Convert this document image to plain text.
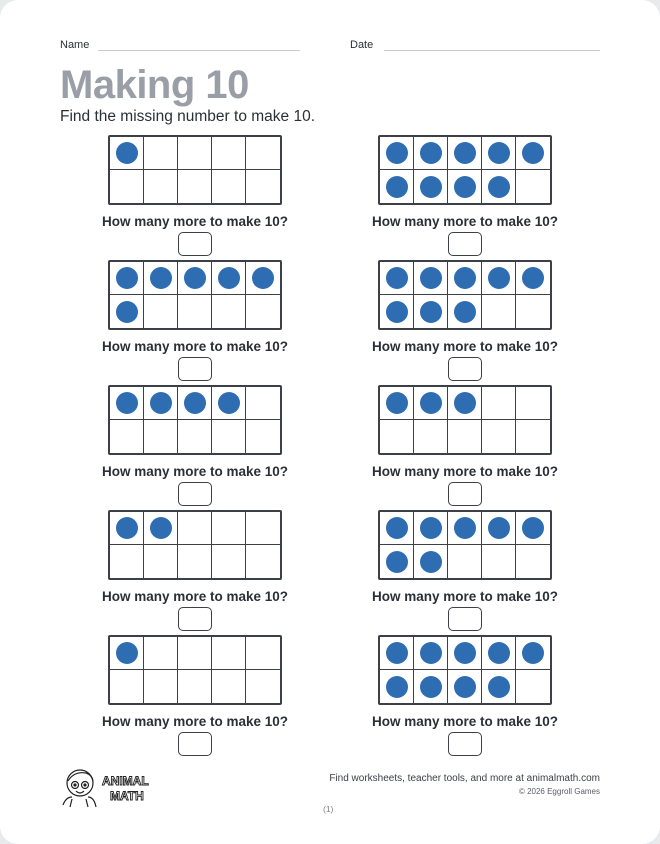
Name	Date
Making 10
Find the missing number to make 10.
How many more to make 10?	How many more to make 10?
How many more to make 10?	How many more to make 10?
How many more to make 10?	How many more to make 10?
How many more to make 10?	How many more to make 10?
How many more to make 10?	How many more to make 10?
ANIMAL
MATH
Find worksheets, teacher tools, and more at animalmath.com
© 2026 Eggroll Games
(1)
